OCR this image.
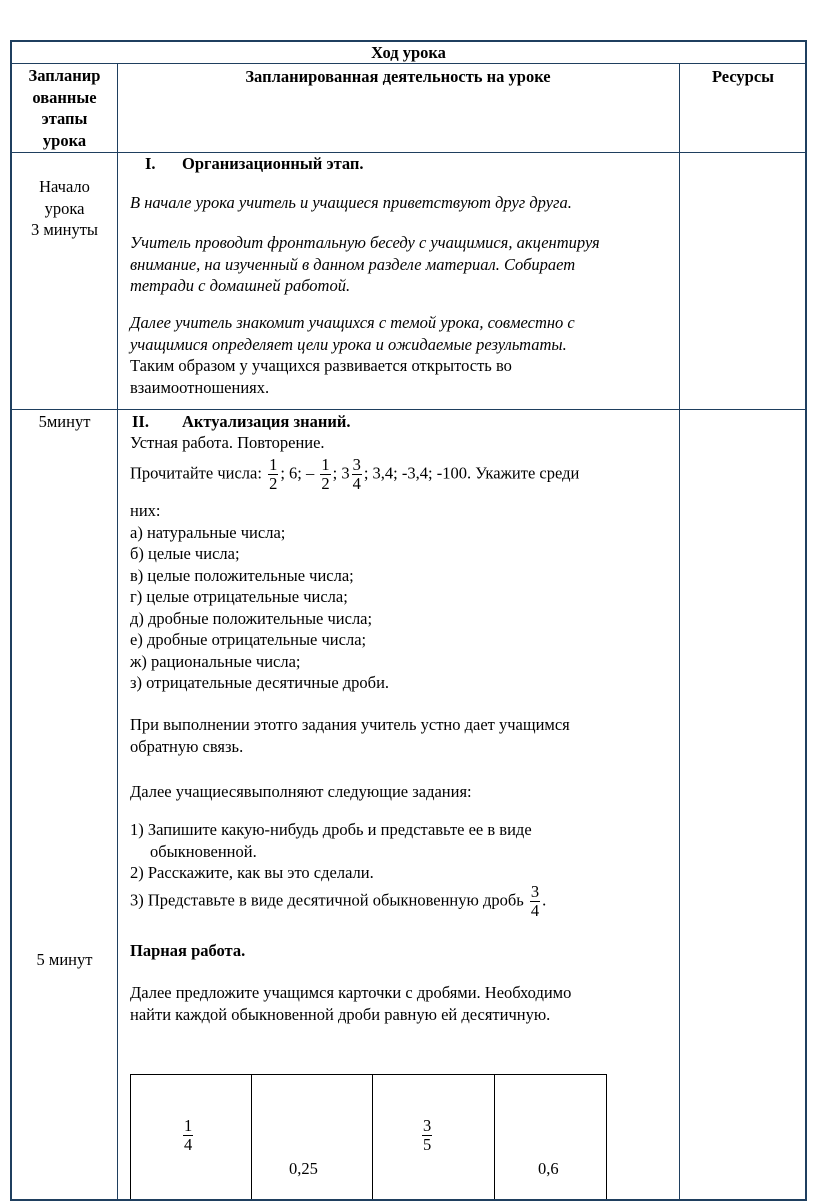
Ход урока
Запланир
ованные
этапы
урока
Запланированная деятельность на уроке	Ресурсы
Начало
урока
3 минуты
I. Организационный этап.
В начале урока учитель и учащиеся приветствуют друг друга.
Учитель проводит фронтальную беседу с учащимися, акцентируя
внимание, на изученный в данном разделе материал. Собирает
тетради с домашней работой.
Далее учитель знакомит учащихся с темой урока, совместно с
учащимися определяет цели урока и ожидаемые результаты.
Таким образом у учащихся развивается открытость во
взаимоотношениях.
5минут
5 минут
II. Актуализация знаний.
Устная работа. Повторение.
Прочитайте числа: $\frac{1}{2}$ ; 6; – $\frac{1}{2}$ ; $3 \frac{3}{4}$ ; 3,4; -3,4; -100. Укажите среди
них:
а) натуральные числа;
б) целые числа;
в) целые положительные числа;
г) целые отрицательные числа;
д) дробные положительные числа;
е) дробные отрицательные числа;
ж) рациональные числа;
з) отрицательные десятичные дроби.
При выполнении этотго задания учитель устно дает учащимся
обратную связь.
Далее учащиесявыполняют следующие задания:
1) Запишите какую-нибудь дробь и представьте ее в виде
обыкновенной.
2) Расскажите, как вы это сделали.
3) Представьте в виде десятичной обыкновенную дробь $\frac{3}{4}$ .
Парная работа.
Далее предложите учащимся карточки с дробями. Необходимо
найти каждой обыкновенной дроби равную ей десятичную.
$\frac{1}{4}$
0,25
$\frac{3}{5}$
0,6
